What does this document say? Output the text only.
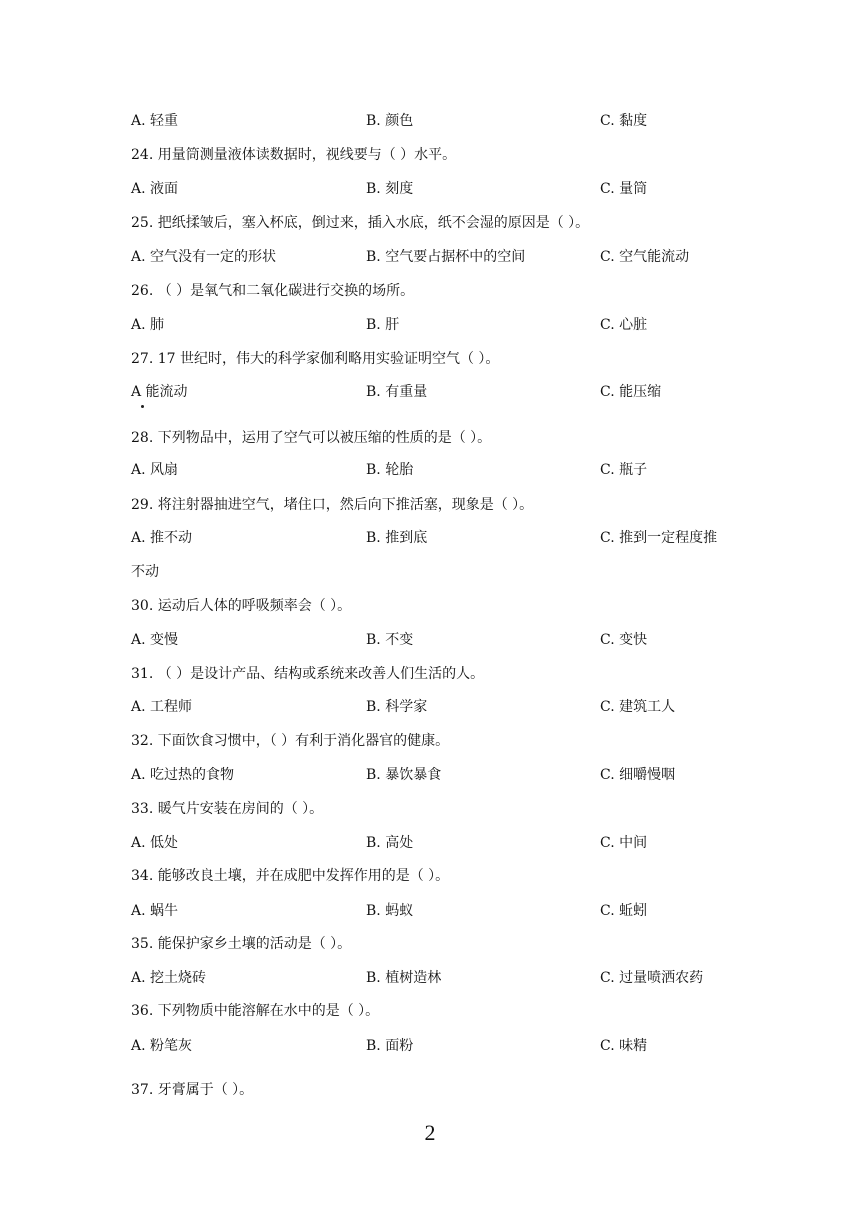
A. 轻重	B. 颜色	C. 黏度
24. 用量筒测量液体读数据时，视线要与（ ）水平。
A. 液面	B. 刻度	C. 量筒
25. 把纸揉皱后，塞入杯底，倒过来，插入水底，纸不会湿的原因是（ ）。
A. 空气没有一定的形状	B. 空气要占据杯中的空间	C. 空气能流动
26. （ ）是氧气和二氧化碳进行交换的场所。
A. 肺	B. 肝	C. 心脏
27. 17 世纪时，伟大的科学家伽利略用实验证明空气（ ）。
A 能流动	B. 有重量	C. 能压缩
28. 下列物品中，运用了空气可以被压缩的性质的是（ ）。
A. 风扇	B. 轮胎	C. 瓶子
29. 将注射器抽进空气，堵住口，然后向下推活塞，现象是（ ）。
A. 推不动	B. 推到底	C. 推到一定程度推
不动
30. 运动后人体的呼吸频率会（ ）。
A. 变慢	B. 不变	C. 变快
31. （ ）是设计产品、结构或系统来改善人们生活的人。
A. 工程师	B. 科学家	C. 建筑工人
32. 下面饮食习惯中，（ ）有利于消化器官的健康。
A. 吃过热的食物	B. 暴饮暴食	C. 细嚼慢咽
33. 暖气片安装在房间的（ ）。
A. 低处	B. 高处	C. 中间
34. 能够改良土壤，并在成肥中发挥作用的是（ ）。
A. 蜗牛	B. 蚂蚁	C. 蚯蚓
35. 能保护家乡土壤的活动是（ ）。
A. 挖土烧砖	B. 植树造林	C. 过量喷洒农药
36. 下列物质中能溶解在水中的是（ ）。
A. 粉笔灰	B. 面粉	C. 味精
37. 牙膏属于（ ）。
2
